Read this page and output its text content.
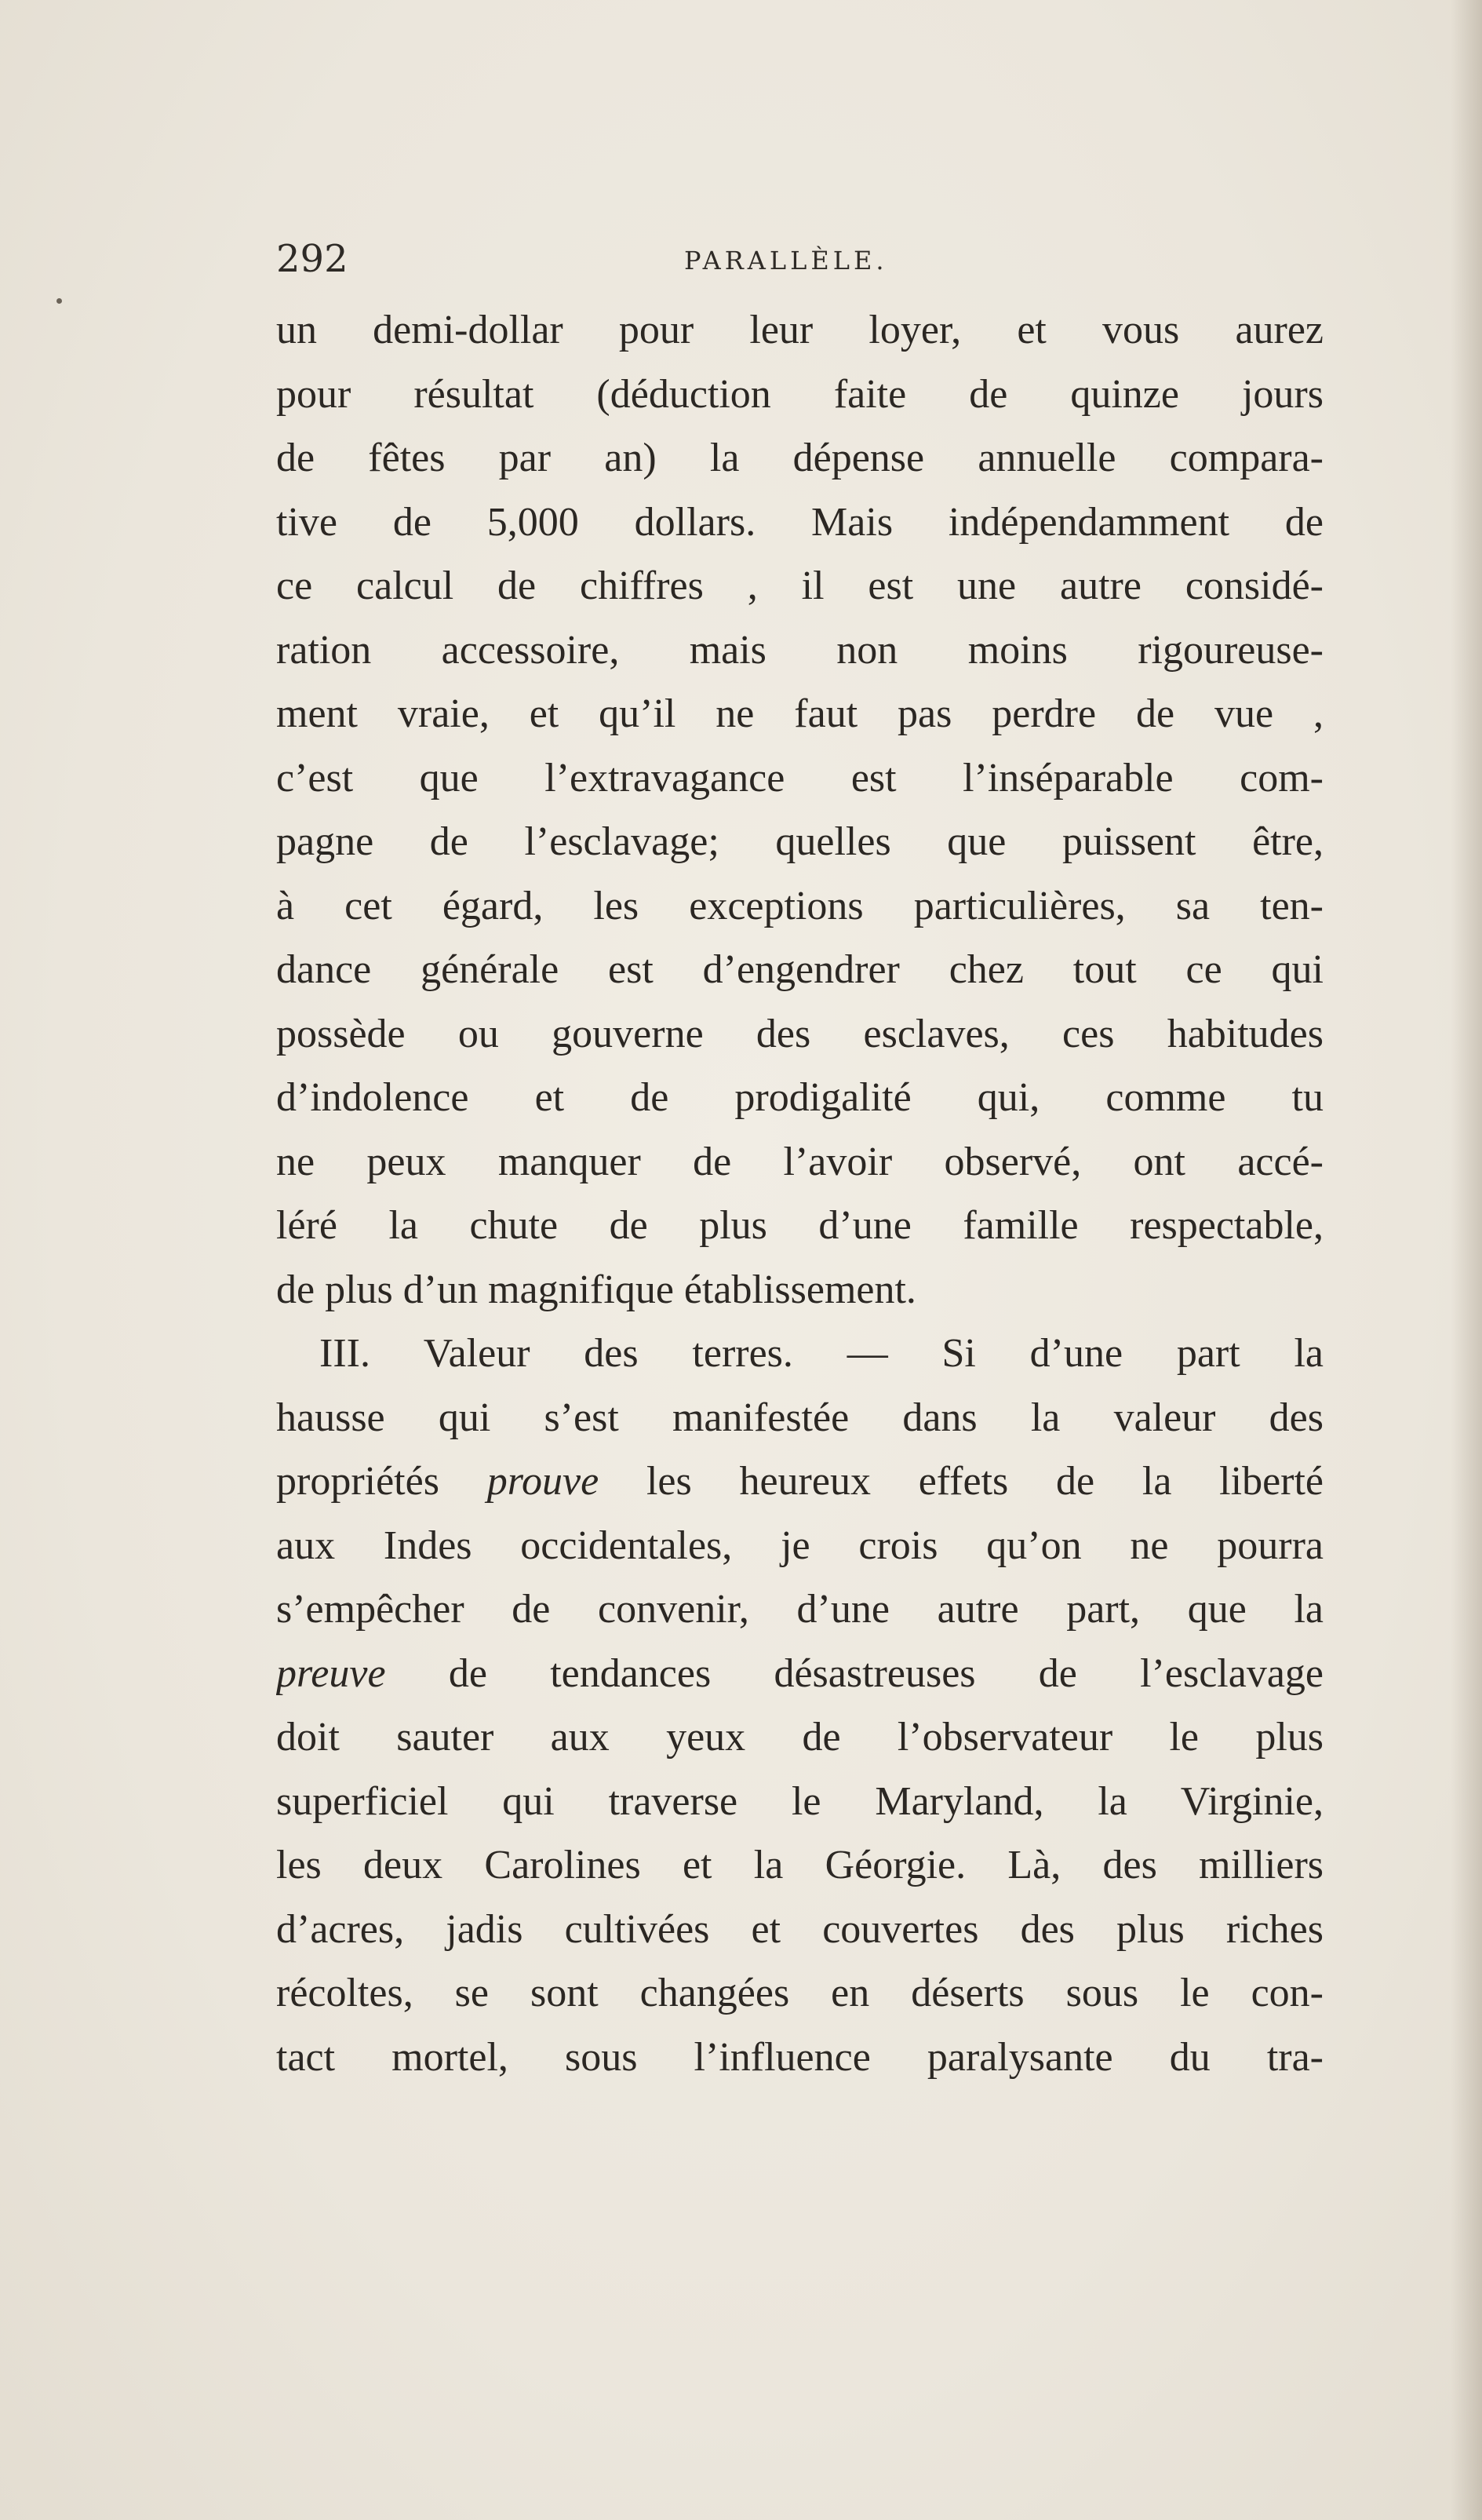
292	PARALLÈLE.
un demi-dollar pour leur loyer, et vous aurez
pour résultat (déduction faite de quinze jours
de fêtes par an) la dépense annuelle compara-
tive de 5,000 dollars. Mais indépendamment de
ce calcul de chiffres , il est une autre considé-
ration accessoire, mais non moins rigoureuse-
ment vraie, et qu’il ne faut pas perdre de vue ,
c’est que l’extravagance est l’inséparable com-
pagne de l’esclavage; quelles que puissent être,
à cet égard, les exceptions particulières, sa ten-
dance générale est d’engendrer chez tout ce qui
possède ou gouverne des esclaves, ces habitudes
d’indolence et de prodigalité qui, comme tu
ne peux manquer de l’avoir observé, ont accé-
léré la chute de plus d’une famille respectable,
de plus d’un magnifique établissement.
III. Valeur des terres. — Si d’une part la
hausse qui s’est manifestée dans la valeur des
propriétés prouve les heureux effets de la liberté
aux Indes occidentales, je crois qu’on ne pourra
s’empêcher de convenir, d’une autre part, que la
preuve de tendances désastreuses de l’esclavage
doit sauter aux yeux de l’observateur le plus
superficiel qui traverse le Maryland, la Virginie,
les deux Carolines et la Géorgie. Là, des milliers
d’acres, jadis cultivées et couvertes des plus riches
récoltes, se sont changées en déserts sous le con-
tact mortel, sous l’influence paralysante du tra-
